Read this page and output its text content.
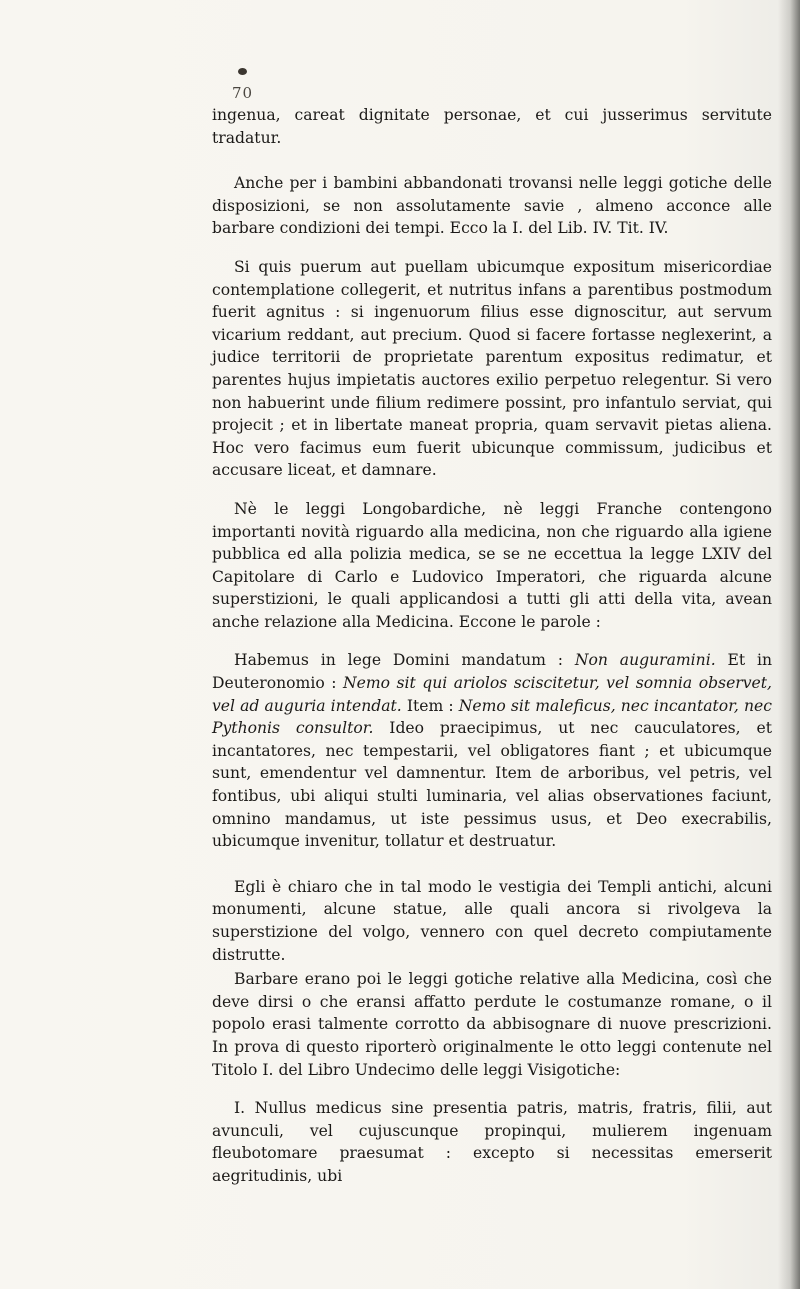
70

ingenua, careat dignitate personae, et cui jusserimus servitute tradatur.

Anche per i bambini abbandonati trovansi nelle leggi gotiche delle disposizioni, se non assolutamente savie , almeno acconce alle barbare condizioni dei tempi. Ecco la I. del Lib. IV. Tit. IV.

Si quis puerum aut puellam ubicumque expositum misericordiae contemplatione collegerit, et nutritus infans a parentibus postmodum fuerit agnitus : si ingenuorum filius esse dignoscitur, aut servum vicarium reddant, aut precium. Quod si facere fortasse neglexerint, a judice territorii de proprietate parentum expositus redimatur, et parentes hujus impietatis auctores exilio perpetuo relegentur. Si vero non habuerint unde filium redimere possint, pro infantulo serviat, qui projecit ; et in libertate maneat propria, quam servavit pietas aliena. Hoc vero facimus eum fuerit ubicunque commissum, judicibus et accusare liceat, et damnare.

Nè le leggi Longobardiche, nè leggi Franche contengono importanti novità riguardo alla medicina, non che riguardo alla igiene pubblica ed alla polizia medica, se se ne eccettua la legge LXIV del Capitolare di Carlo e Ludovico Imperatori, che riguarda alcune superstizioni, le quali applicandosi a tutti gli atti della vita, avean anche relazione alla Medicina. Eccone le parole :

Habemus in lege Domini mandatum : Non auguramini. Et in Deuteronomio : Nemo sit qui ariolos sciscitetur, vel somnia observet, vel ad auguria intendat. Item : Nemo sit maleficus, nec incantator, nec Pythonis consultor. Ideo praecipimus, ut nec cauculatores, et incantatores, nec tempestarii, vel obligatores fiant ; et ubicumque sunt, emendentur vel damnentur. Item de arboribus, vel petris, vel fontibus, ubi aliqui stulti luminaria, vel alias observationes faciunt, omnino mandamus, ut iste pessimus usus, et Deo execrabilis, ubicumque invenitur, tollatur et destruatur.

Egli è chiaro che in tal modo le vestigia dei Templi antichi, alcuni monumenti, alcune statue, alle quali ancora si rivolgeva la superstizione del volgo, vennero con quel decreto compiutamente distrutte.

Barbare erano poi le leggi gotiche relative alla Medicina, così che deve dirsi o che eransi affatto perdute le costumanze romane, o il popolo erasi talmente corrotto da abbisognare di nuove prescrizioni. In prova di questo riporterò originalmente le otto leggi contenute nel Titolo I. del Libro Undecimo delle leggi Visigotiche:

I. Nullus medicus sine presentia patris, matris, fratris, filii, aut avunculi, vel cujuscunque propinqui, mulierem ingenuam fleubotomare praesumat : excepto si necessitas emerserit aegritudinis, ubi
